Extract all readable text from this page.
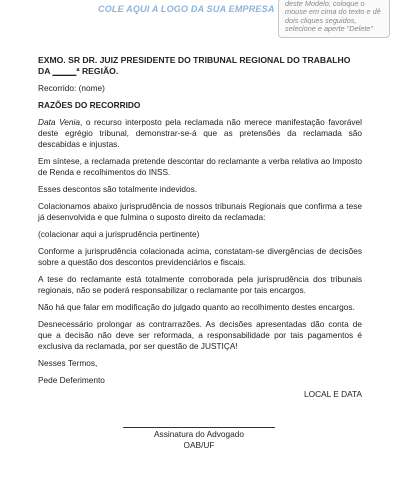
COLE AQUI A LOGO DA SUA EMPRESA
deste Modelo, coloque o mouse em cima do texto e dê dois cliques seguidos, selecione e aperte "Delete"

EXMO. SR DR. JUIZ PRESIDENTE DO TRIBUNAL REGIONAL DO TRABALHO DA _____ª REGIÃO.

Recorrido: (nome)

RAZÕES DO RECORRIDO

Data Venia, o recurso interposto pela reclamada não merece manifestação favorável deste egrégio tribunal, demonstrar-se-á que as pretensões da reclamada são descabidas e injustas.

Em síntese, a reclamada pretende descontar do reclamante a verba relativa ao Imposto de Renda e recolhimentos do INSS.

Esses descontos são totalmente indevidos.

Colacionamos abaixo jurisprudência de nossos tribunais Regionais que confirma a tese já desenvolvida e que fulmina o suposto direito da reclamada:

(colacionar aqui a jurisprudência pertinente)

Conforme a jurisprudência colacionada acima, constatam-se divergências de decisões sobre a questão dos descontos previdenciários e fiscais.

A tese do reclamante está totalmente corroborada pela jurisprudência dos tribunais regionais, não se poderá responsabilizar o reclamante por tais encargos.

Não há que falar em modificação do julgado quanto ao recolhimento destes encargos.

Desnecessário prolongar as contrarrazões. As decisões apresentadas dão conta de que a decisão não deve ser reformada, a responsabilidade por tais pagamentos é exclusiva da reclamada, por ser questão de JUSTIÇA!

Nesses Termos,

Pede Deferimento

LOCAL E DATA
Assinatura do Advogado
OAB/UF
